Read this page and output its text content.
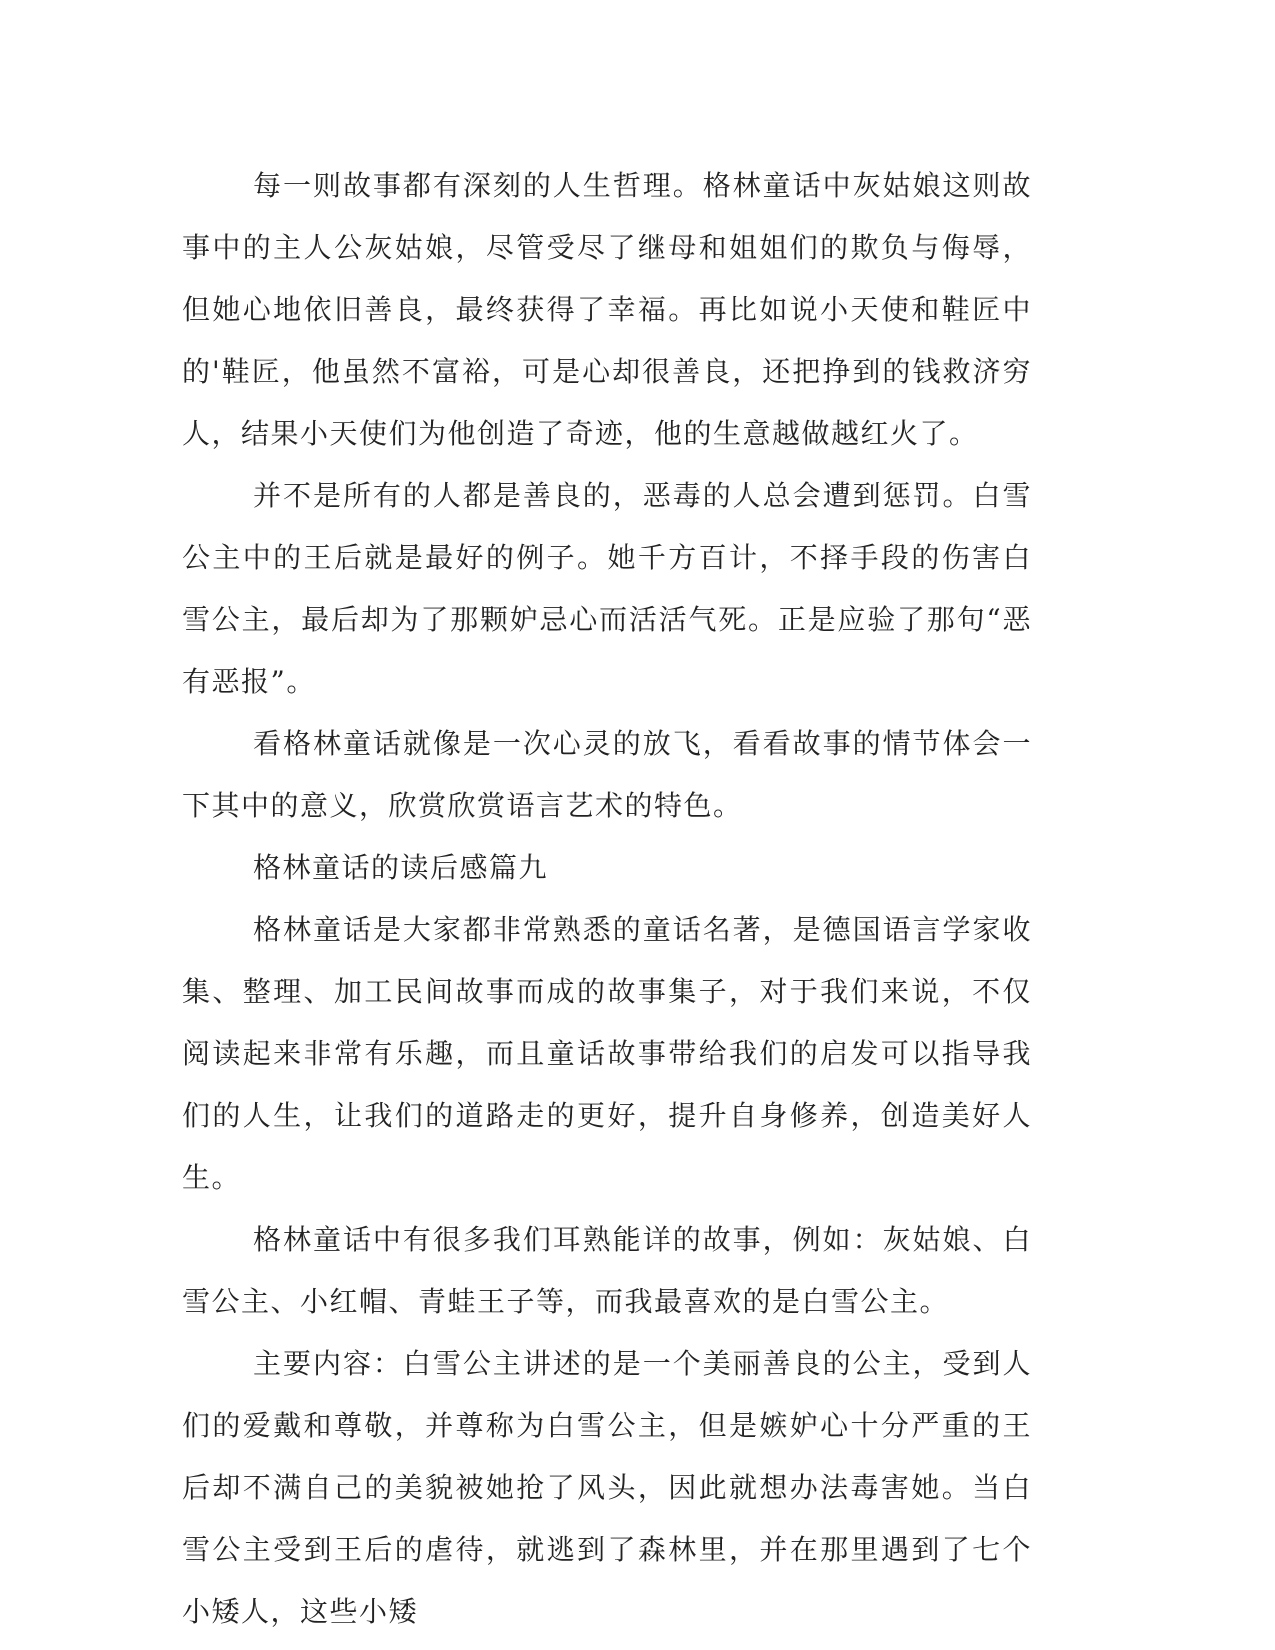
每一则故事都有深刻的人生哲理。格林童话中灰姑娘这则故事中的主人公灰姑娘，尽管受尽了继母和姐姐们的欺负与侮辱，但她心地依旧善良，最终获得了幸福。再比如说小天使和鞋匠中的'鞋匠，他虽然不富裕，可是心却很善良，还把挣到的钱救济穷人，结果小天使们为他创造了奇迹，他的生意越做越红火了。

并不是所有的人都是善良的，恶毒的人总会遭到惩罚。白雪公主中的王后就是最好的例子。她千方百计，不择手段的伤害白雪公主，最后却为了那颗妒忌心而活活气死。正是应验了那句“恶有恶报”。

看格林童话就像是一次心灵的放飞，看看故事的情节体会一下其中的意义，欣赏欣赏语言艺术的特色。

格林童话的读后感篇九

格林童话是大家都非常熟悉的童话名著，是德国语言学家收集、整理、加工民间故事而成的故事集子，对于我们来说，不仅阅读起来非常有乐趣，而且童话故事带给我们的启发可以指导我们的人生，让我们的道路走的更好，提升自身修养，创造美好人生。

格林童话中有很多我们耳熟能详的故事，例如：灰姑娘、白雪公主、小红帽、青蛙王子等，而我最喜欢的是白雪公主。

主要内容：白雪公主讲述的是一个美丽善良的公主，受到人们的爱戴和尊敬，并尊称为白雪公主，但是嫉妒心十分严重的王后却不满自己的美貌被她抢了风头，因此就想办法毒害她。当白雪公主受到王后的虐待，就逃到了森林里，并在那里遇到了七个小矮人，这些小矮
